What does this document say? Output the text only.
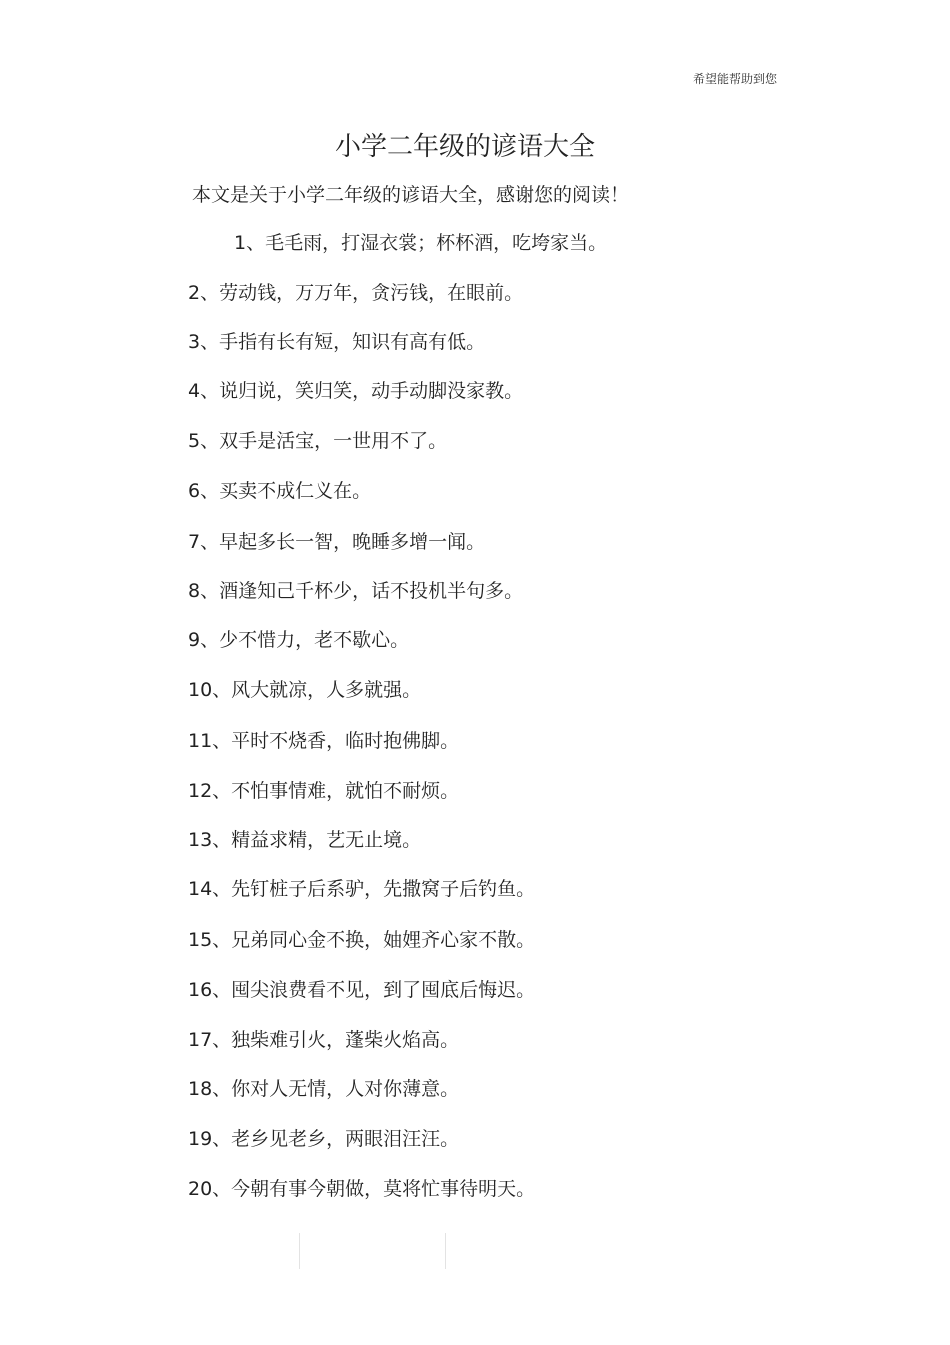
希望能帮助到您
小学二年级的谚语大全
本文是关于小学二年级的谚语大全，感谢您的阅读！
1、毛毛雨，打湿衣裳；杯杯酒，吃垮家当。
2、劳动钱，万万年，贪污钱，在眼前。
3、手指有长有短，知识有高有低。
4、说归说，笑归笑，动手动脚没家教。
5、双手是活宝，一世用不了。
6、买卖不成仁义在。
7、早起多长一智，晚睡多增一闻。
8、酒逢知己千杯少，话不投机半句多。
9、少不惜力，老不歇心。
10、风大就凉，人多就强。
11、平时不烧香，临时抱佛脚。
12、不怕事情难，就怕不耐烦。
13、精益求精，艺无止境。
14、先钉桩子后系驴，先撒窝子后钓鱼。
15、兄弟同心金不换，妯娌齐心家不散。
16、囤尖浪费看不见，到了囤底后悔迟。
17、独柴难引火，蓬柴火焰高。
18、你对人无情，人对你薄意。
19、老乡见老乡，两眼泪汪汪。
20、今朝有事今朝做，莫将忙事待明天。
